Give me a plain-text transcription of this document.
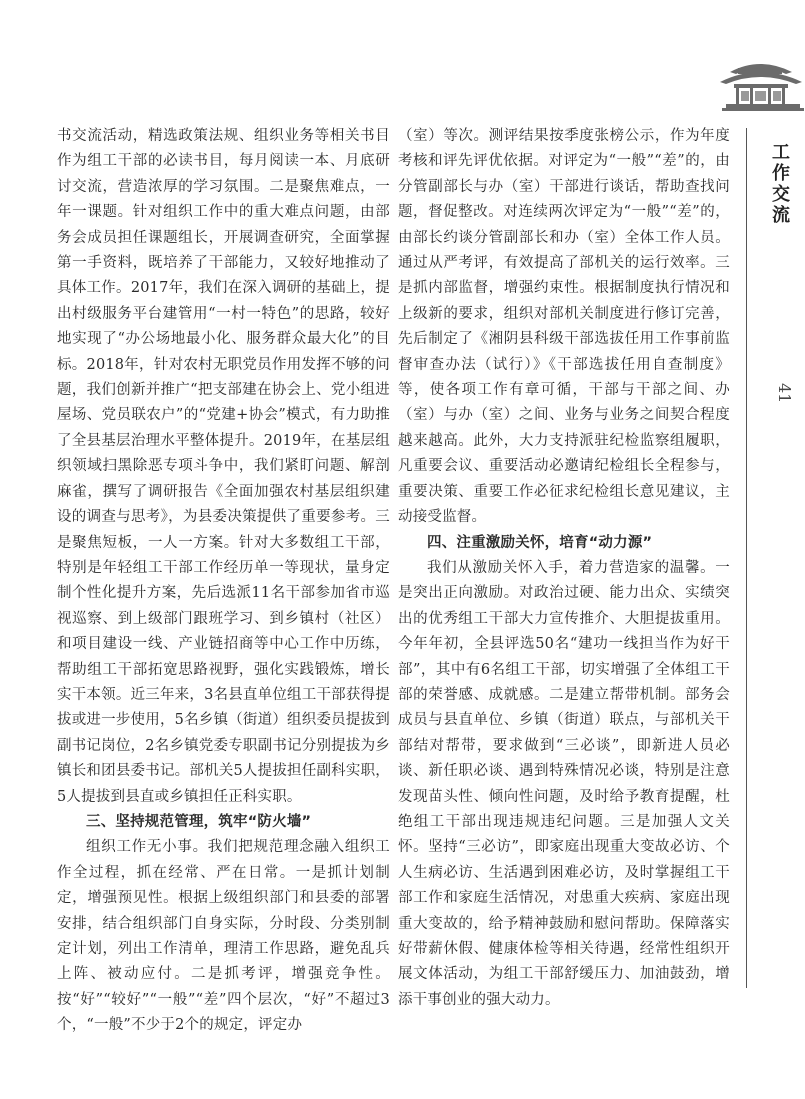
工作交流
41

书交流活动，精选政策法规、组织业务等相关书目作为组工干部的必读书目，每月阅读一本、月底研讨交流，营造浓厚的学习氛围。二是聚焦难点，一年一课题。针对组织工作中的重大难点问题，由部务会成员担任课题组长，开展调查研究，全面掌握第一手资料，既培养了干部能力，又较好地推动了具体工作。2017年，我们在深入调研的基础上，提出村级服务平台建管用“一村一特色”的思路，较好地实现了“办公场地最小化、服务群众最大化”的目标。2018年，针对农村无职党员作用发挥不够的问题，我们创新并推广“把支部建在协会上、党小组进屋场、党员联农户”的“党建+协会”模式，有力助推了全县基层治理水平整体提升。2019年，在基层组织领域扫黑除恶专项斗争中，我们紧盯问题、解剖麻雀，撰写了调研报告《全面加强农村基层组织建设的调查与思考》，为县委决策提供了重要参考。三是聚焦短板，一人一方案。针对大多数组工干部，特别是年轻组工干部工作经历单一等现状，量身定制个性化提升方案，先后选派11名干部参加省市巡视巡察、到上级部门跟班学习、到乡镇村（社区）和项目建设一线、产业链招商等中心工作中历练，帮助组工干部拓宽思路视野，强化实践锻炼，增长实干本领。近三年来，3名县直单位组工干部获得提拔或进一步使用，5名乡镇（街道）组织委员提拔到副书记岗位，2名乡镇党委专职副书记分别提拔为乡镇长和团县委书记。部机关5人提拔担任副科实职，5人提拔到县直或乡镇担任正科实职。

三、坚持规范管理，筑牢“防火墙”

组织工作无小事。我们把规范理念融入组织工作全过程，抓在经常、严在日常。一是抓计划制定，增强预见性。根据上级组织部门和县委的部署安排，结合组织部门自身实际，分时段、分类别制定计划，列出工作清单，理清工作思路，避免乱兵上阵、被动应付。二是抓考评，增强竞争性。按“好”“较好”“一般”“差”四个层次，“好”不超过3个，“一般”不少于2个的规定，评定办

（室）等次。测评结果按季度张榜公示，作为年度考核和评先评优依据。对评定为“一般”“差”的，由分管副部长与办（室）干部进行谈话，帮助查找问题，督促整改。对连续两次评定为“一般”“差”的，由部长约谈分管副部长和办（室）全体工作人员。通过从严考评，有效提高了部机关的运行效率。三是抓内部监督，增强约束性。根据制度执行情况和上级新的要求，组织对部机关制度进行修订完善，先后制定了《湘阴县科级干部选拔任用工作事前监督审查办法（试行）》《干部选拔任用自查制度》等，使各项工作有章可循，干部与干部之间、办（室）与办（室）之间、业务与业务之间契合程度越来越高。此外，大力支持派驻纪检监察组履职，凡重要会议、重要活动必邀请纪检组长全程参与，重要决策、重要工作必征求纪检组长意见建议，主动接受监督。

四、注重激励关怀，培育“动力源”

我们从激励关怀入手，着力营造家的温馨。一是突出正向激励。对政治过硬、能力出众、实绩突出的优秀组工干部大力宣传推介、大胆提拔重用。今年年初，全县评选50名“建功一线担当作为好干部”，其中有6名组工干部，切实增强了全体组工干部的荣誉感、成就感。二是建立帮带机制。部务会成员与县直单位、乡镇（街道）联点，与部机关干部结对帮带，要求做到“三必谈”，即新进人员必谈、新任职必谈、遇到特殊情况必谈，特别是注意发现苗头性、倾向性问题，及时给予教育提醒，杜绝组工干部出现违规违纪问题。三是加强人文关怀。坚持“三必访”，即家庭出现重大变故必访、个人生病必访、生活遇到困难必访，及时掌握组工干部工作和家庭生活情况，对患重大疾病、家庭出现重大变故的，给予精神鼓励和慰问帮助。保障落实好带薪休假、健康体检等相关待遇，经常性组织开展文体活动，为组工干部舒缓压力、加油鼓劲，增添干事创业的强大动力。
